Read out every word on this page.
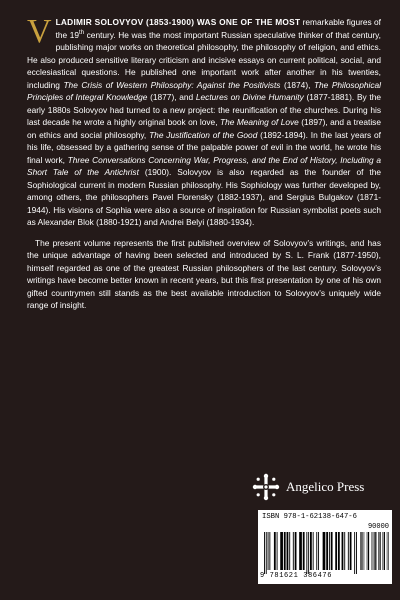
VLADIMIR SOLOVYOV (1853-1900) WAS ONE OF THE MOST remarkable figures of the 19th century. He was the most important Russian speculative thinker of that century, publishing major works on theoretical philosophy, the philosophy of religion, and ethics. He also produced sensitive literary criticism and incisive essays on current political, social, and ecclesiastical questions. He published one important work after another in his twenties, including The Crisis of Western Philosophy: Against the Positivists (1874), The Philosophical Principles of Integral Knowledge (1877), and Lectures on Divine Humanity (1877-1881). By the early 1880s Solovyov had turned to a new project: the reunification of the churches. During his last decade he wrote a highly original book on love, The Meaning of Love (1897), and a treatise on ethics and social philosophy, The Justification of the Good (1892-1894). In the last years of his life, obsessed by a gathering sense of the palpable power of evil in the world, he wrote his final work, Three Conversations Concerning War, Progress, and the End of History, Including a Short Tale of the Antichrist (1900). Solovyov is also regarded as the founder of the Sophiological current in modern Russian philosophy. His Sophiology was further developed by, among others, the philosophers Pavel Florensky (1882-1937), and Sergius Bulgakov (1871-1944). His visions of Sophia were also a source of inspiration for Russian symbolist poets such as Alexander Blok (1880-1921) and Andrei Belyi (1880-1934).

The present volume represents the first published overview of Solovyov’s writings, and has the unique advantage of having been selected and introduced by S. L. Frank (1877-1950), himself regarded as one of the greatest Russian philosophers of the last century. Solovyov’s writings have become better known in recent years, but this first presentation by one of his own gifted countrymen still stands as the best available introduction to Solovyov’s uniquely wide range of insight.

Angelico Press
ISBN 978-1-62138-647-6
90000
9 781621 386476
